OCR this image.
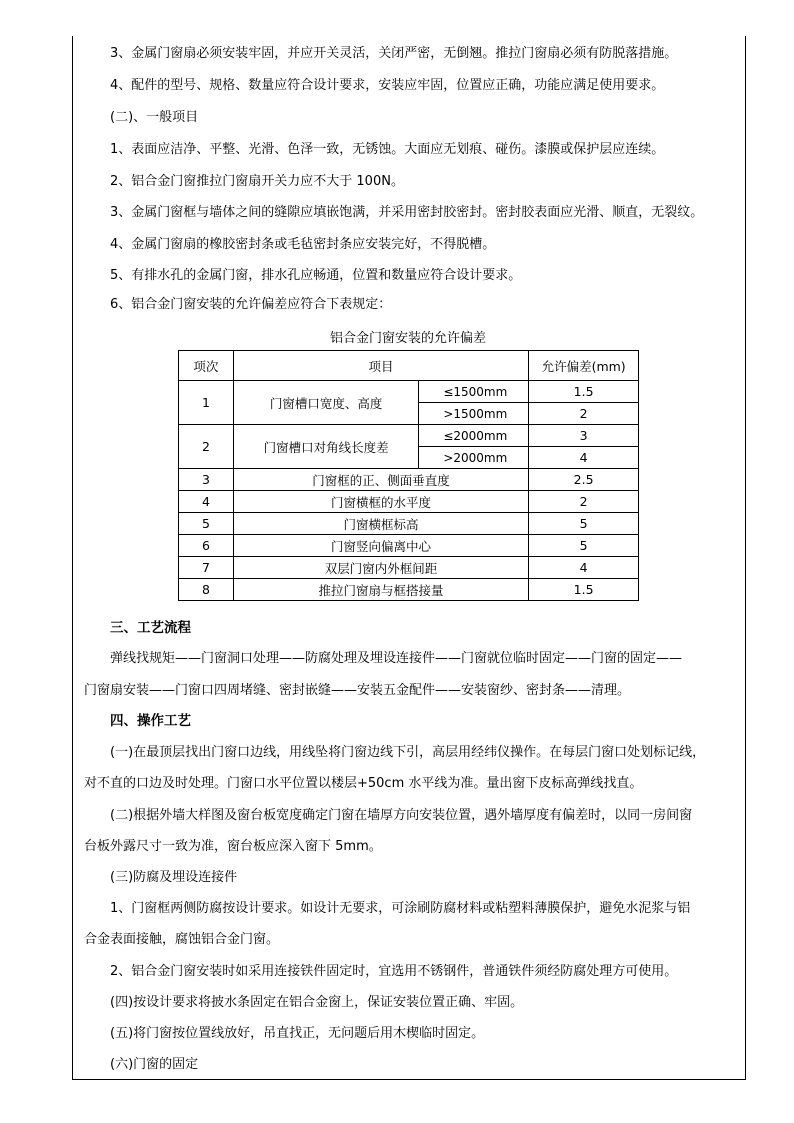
3、金属门窗扇必须安装牢固，并应开关灵活，关闭严密，无倒翘。推拉门窗扇必须有防脱落措施。
4、配件的型号、规格、数量应符合设计要求，安装应牢固，位置应正确，功能应满足使用要求。
(二)、一般项目
1、表面应洁净、平整、光滑、色泽一致，无锈蚀。大面应无划痕、碰伤。漆膜或保护层应连续。
2、铝合金门窗推拉门窗扇开关力应不大于 100N。
3、金属门窗框与墙体之间的缝隙应填嵌饱满，并采用密封胶密封。密封胶表面应光滑、顺直，无裂纹。
4、金属门窗扇的橡胶密封条或毛毡密封条应安装完好，不得脱槽。
5、有排水孔的金属门窗，排水孔应畅通，位置和数量应符合设计要求。
6、铝合金门窗安装的允许偏差应符合下表规定：
铝合金门窗安装的允许偏差
项次	项目		允许偏差(mm)
1	门窗槽口宽度、高度	≤1500mm	1.5
		>1500mm	2
2	门窗槽口对角线长度差	≤2000mm	3
		>2000mm	4
3	门窗框的正、侧面垂直度		2.5
4	门窗横框的水平度		2
5	门窗横框标高		5
6	门窗竖向偏离中心		5
7	双层门窗内外框间距		4
8	推拉门窗扇与框搭接量		1.5
三、工艺流程
弹线找规矩——门窗洞口处理——防腐处理及埋设连接件——门窗就位临时固定——门窗的固定——
门窗扇安装——门窗口四周堵缝、密封嵌缝——安装五金配件——安装窗纱、密封条——清理。
四、操作工艺
(一)在最顶层找出门窗口边线，用线坠将门窗边线下引，高层用经纬仪操作。在每层门窗口处划标记线，
对不直的口边及时处理。门窗口水平位置以楼层+50cm 水平线为准。量出窗下皮标高弹线找直。
(二)根据外墙大样图及窗台板宽度确定门窗在墙厚方向安装位置，遇外墙厚度有偏差时，以同一房间窗
台板外露尺寸一致为准，窗台板应深入窗下 5mm。
(三)防腐及埋设连接件
1、门窗框两侧防腐按设计要求。如设计无要求，可涂刷防腐材料或粘塑料薄膜保护，避免水泥浆与铝
合金表面接触，腐蚀铝合金门窗。
2、铝合金门窗安装时如采用连接铁件固定时，宜选用不锈钢件，普通铁件须经防腐处理方可使用。
(四)按设计要求将披水条固定在铝合金窗上，保证安装位置正确、牢固。
(五)将门窗按位置线放好，吊直找正，无问题后用木楔临时固定。
(六)门窗的固定
